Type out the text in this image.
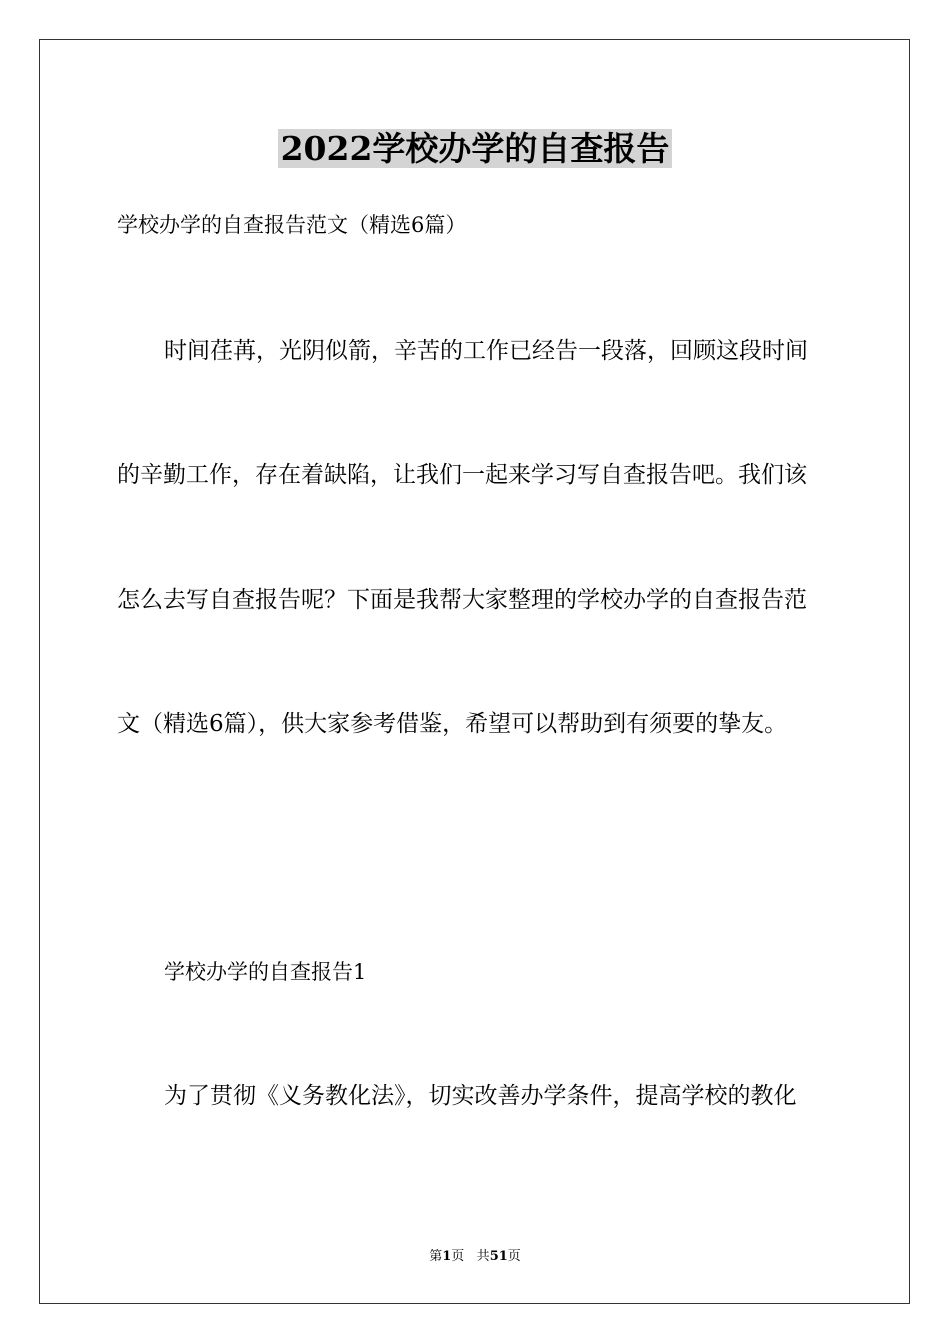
2022学校办学的自查报告
学校办学的自查报告范文（精选6篇）
时间荏苒，光阴似箭，辛苦的工作已经告一段落，回顾这段时间
的辛勤工作，存在着缺陷，让我们一起来学习写自查报告吧。我们该
怎么去写自查报告呢？下面是我帮大家整理的学校办学的自查报告范
文（精选6篇），供大家参考借鉴，希望可以帮助到有须要的挚友。
学校办学的自查报告1
为了贯彻《义务教化法》，切实改善办学条件，提高学校的教化
第1页 共51页
